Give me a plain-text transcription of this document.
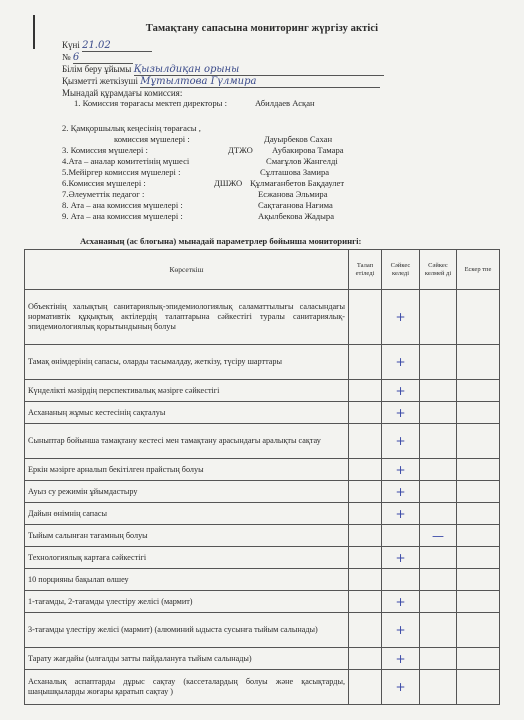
Тамақтану сапасына мониторинг жүргізу актісі
Күні 21.02
№ 6
Білім беру ұйымы Қызылдиқан орыны
Қызметті жеткізуші Мұтылтова Гүлмира
Мынадай құрамдағы комиссия:
1. Комиссия төрағасы мектеп директоры :	Абилдаев Асқан
2. Қамқоршылық кеңесінің төрағасы ,
комиссия мүшелері :	Дауырбеков Сахан
3. Комиссия мүшелері :	ДТЖО Аубакирова Тамара
4.Ата – аналар комитетінің мүшесі	Смағұлов Жангелді
5.Мейіргер комиссия мүшелері :	Сұлташова Замира
6.Комиссия мүшелері :	ДШЖО Құлмағанбетов Бақдаулет
7.Әлеуметтік педагог :	Есжанова Эльмира
8. Ата – ана комиссия мүшелері :	Сақтағанова Нағима
9. Ата – ана комиссия мүшелері :	Ақылбекова Жадыра
Асхананың (ас блогына) мынадай параметрлер бойынша мониторингі:
Көрсеткіш	Талап етіледі	Сәйкес келеді	Сәйкес келмей ді	Ескер тпе
Объектінің халықтың санитариялық-эпидемиологиялық саламаттылығы саласындағы нормативтік құқықтық актілердің талаптарына сәйкестігі туралы санитариялық-эпидемиологиялық қорытындының болуы		+		
Тамақ өнімдерінің сапасы, оларды тасымалдау, жеткізу, түсіру шарттары		+		
Күнделікті мәзірдің перспективалық мәзірге сәйкестігі		+		
Асхананың жұмыс кестесінің сақталуы		+		
Сыныптар бойынша тамақтану кестесі мен тамақтану арасындағы аралықты сақтау		+		
Еркін мәзірге арналып бекітілген прайстың болуы		+		
Ауыз су режимін ұйымдастыру		+		
Дайын өнімнің сапасы		+		
Тыйым салынған тағамның болуы			—	
Технологиялық картаға сәйкестігі		+		
10 порцияны бақылап өлшеу				
1-тағамды, 2-тағамды үлестіру желісі (мармит)		+		
3-тағамды үлестіру желісі (мармит) (алюминий ыдыста сусынға тыйым салынады)		+		
Тарату жағдайы (ылғалды затты пайдалануға тыйым салынады)		+		
Асханалық аспаптарды дұрыс сақтау (кассеталардың болуы және қасықтарды, шаңышқыларды жоғары қаратып сақтау )		+		
